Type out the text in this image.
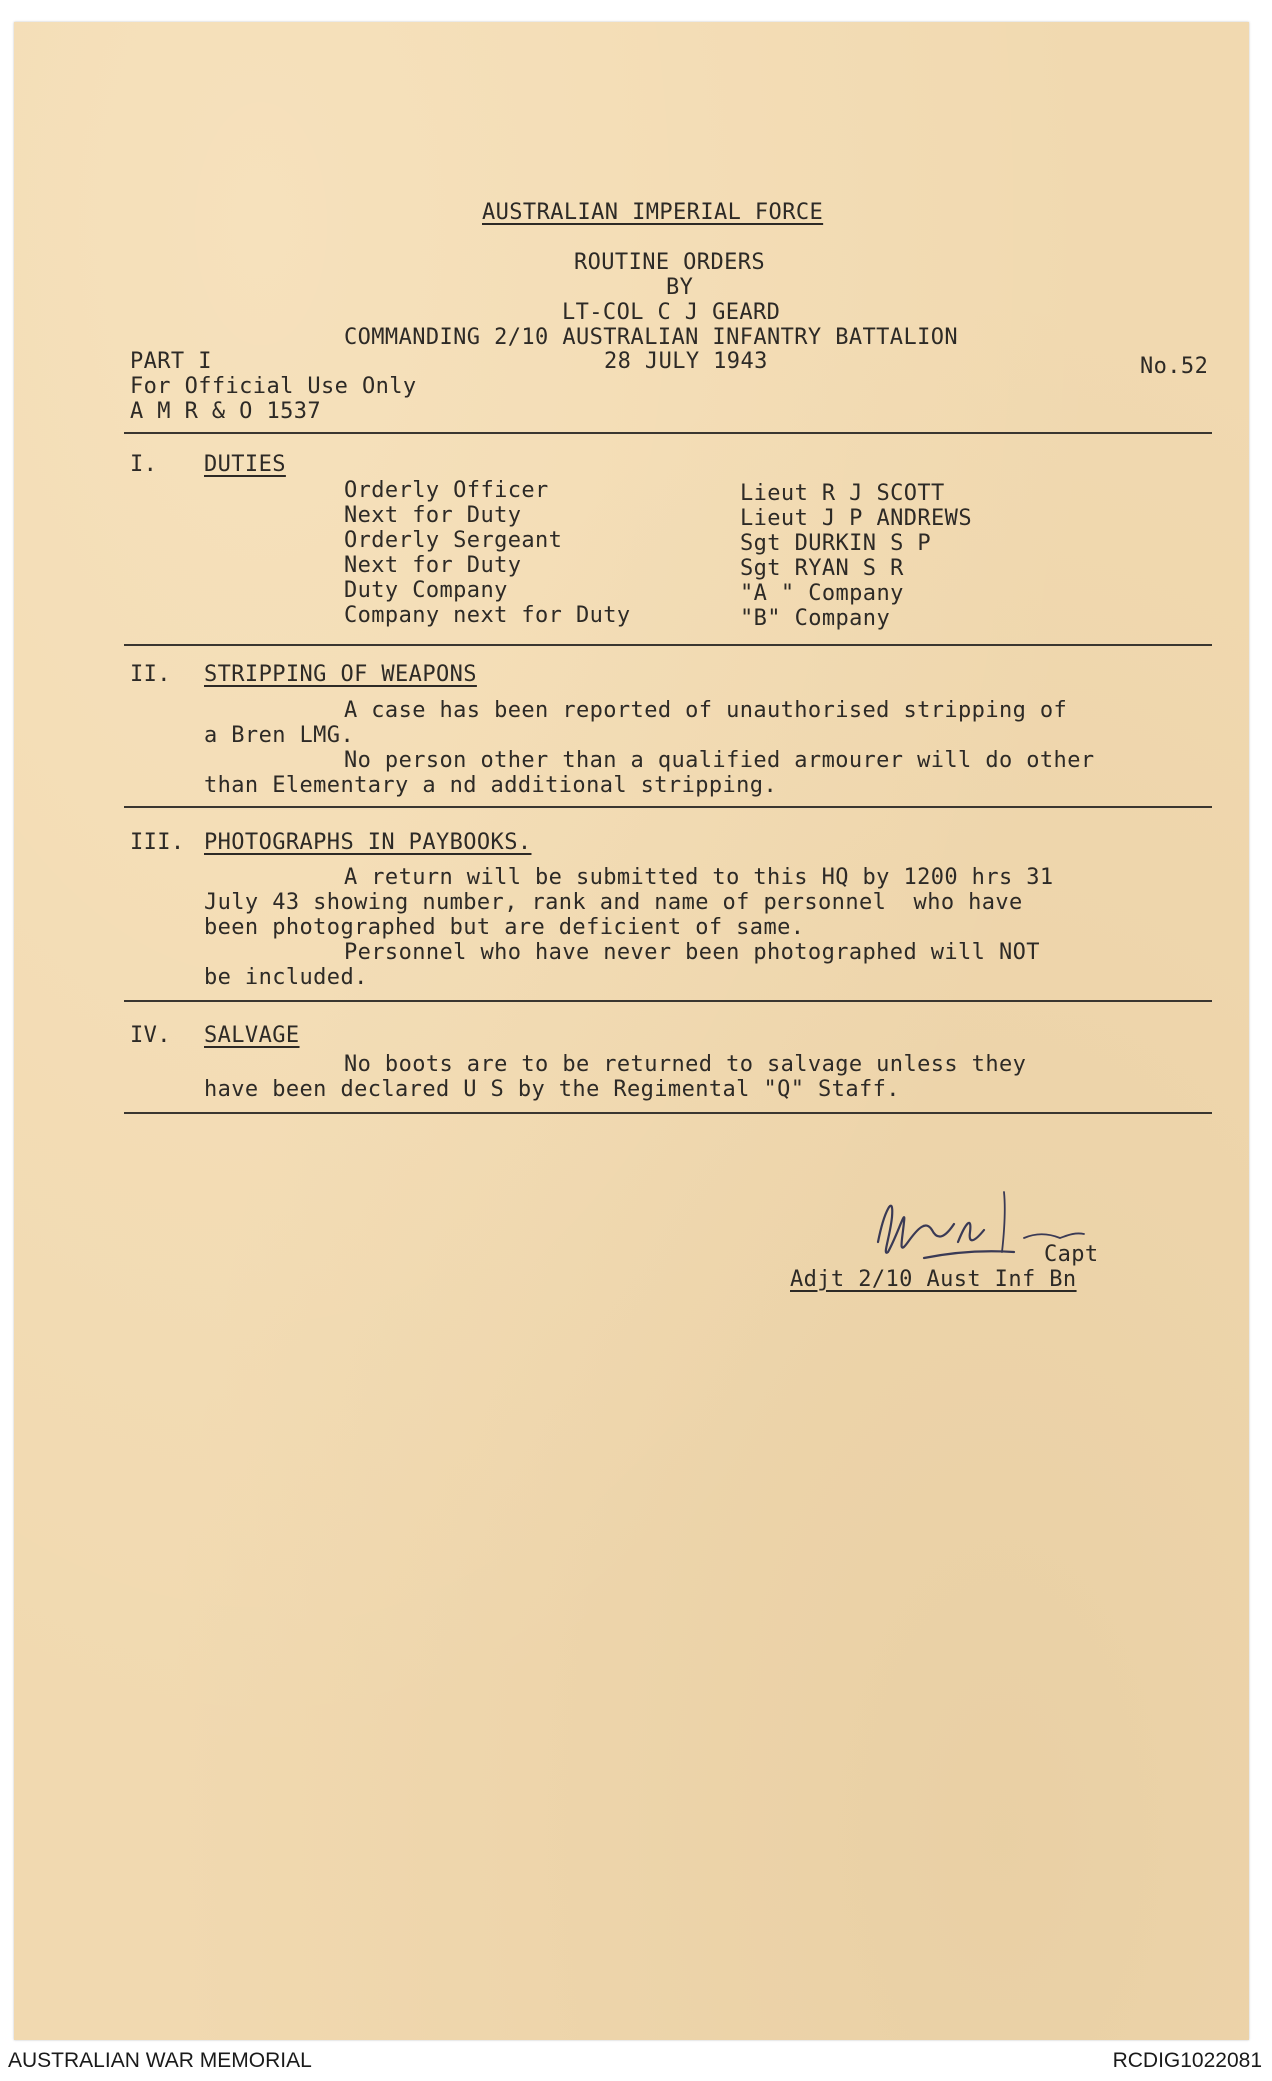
AUSTRALIAN IMPERIAL FORCE
ROUTINE ORDERS
BY
LT-COL C J GEARD
COMMANDING 2/10 AUSTRALIAN INFANTRY BATTALION
PART I	28 JULY 1943	No.52
For Official Use Only
A M R & O 1537
I. DUTIES
Orderly Officer	Lieut R J SCOTT
Next for Duty	Lieut J P ANDREWS
Orderly Sergeant	Sgt DURKIN S P
Next for Duty	Sgt RYAN S R
Duty Company	"A " Company
Company next for Duty	"B" Company
II. STRIPPING OF WEAPONS
A case has been reported of unauthorised stripping of
a Bren LMG.
No person other than a qualified armourer will do other
than Elementary a nd additional stripping.
III. PHOTOGRAPHS IN PAYBOOKS.
A return will be submitted to this HQ by 1200 hrs 31
July 43 showing number, rank and name of personnel  who have
been photographed but are deficient of same.
Personnel who have never been photographed will NOT
be included.
IV. SALVAGE
No boots are to be returned to salvage unless they
have been declared U S by the Regimental "Q" Staff.
Capt
Adjt 2/10 Aust Inf Bn
AUSTRALIAN WAR MEMORIAL	RCDIG1022081
